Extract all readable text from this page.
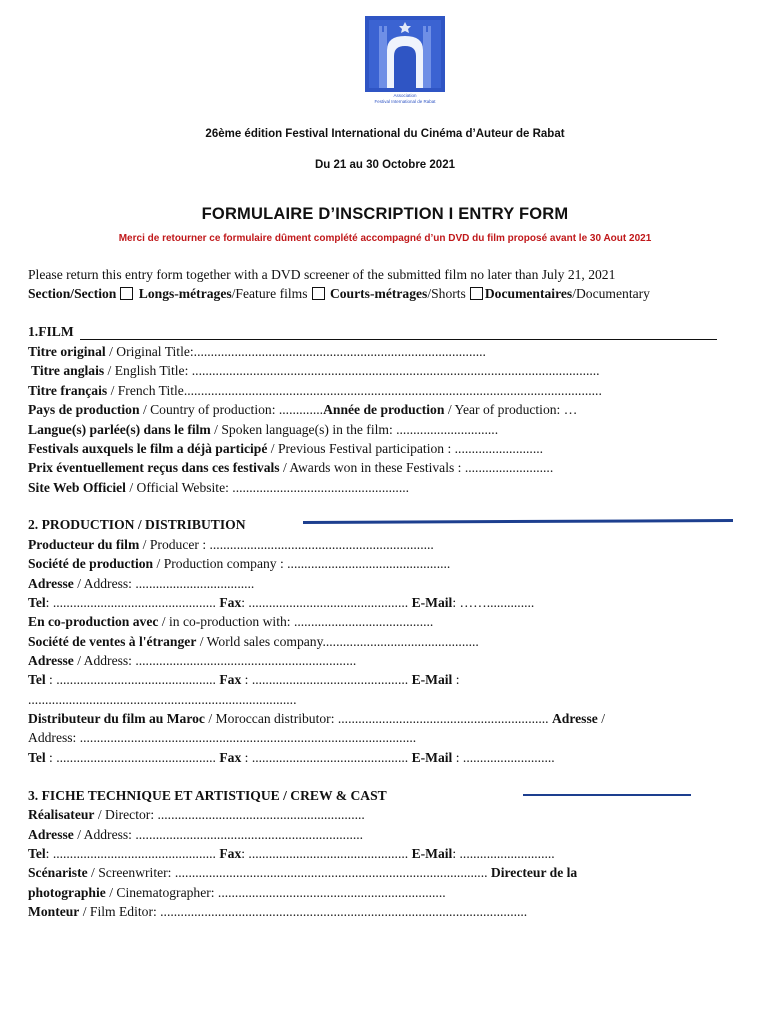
Association
Festival International de Rabat
26ème édition Festival International du Cinéma d’Auteur de Rabat
Du 21 au 30 Octobre 2021
FORMULAIRE D’INSCRIPTION I ENTRY FORM
Merci de retourner ce formulaire dûment complété accompagné d’un DVD du film proposé avant le 30 Aout 2021
Please return this entry form together with a DVD screener of the submitted film no later than July 21, 2021
Section/Section Longs-métrages/Feature films Courts-métrages/Shorts Documentaires/Documentary
1.FILM
Titre original / Original Title:......................................................................................
Titre anglais / English Title: ........................................................................................................................
Titre français / French Title...........................................................................................................................
Pays de production / Country of production: .............Année de production / Year of production: …
Langue(s) parlée(s) dans le film / Spoken language(s) in the film: ..............................
Festivals auxquels le film a déjà participé / Previous Festival participation : ..........................
Prix éventuellement reçus dans ces festivals / Awards won in these Festivals : ..........................
Site Web Officiel / Official Website: ....................................................
2. PRODUCTION / DISTRIBUTION
Producteur du film / Producer : ..................................................................
Société de production / Production company : ................................................
Adresse / Address: ...................................
Tel: ................................................ Fax: ............................................... E-Mail: ……..............
En co-production avec / in co-production with: .........................................
Société de ventes à l'étranger / World sales company..............................................
Adresse / Address: .................................................................
Tel : ............................................... Fax : .............................................. E-Mail :
...............................................................................
Distributeur du film au Maroc / Moroccan distributor: .............................................................. Adresse /
Address: ...................................................................................................
Tel : ............................................... Fax : .............................................. E-Mail : ...........................
3. FICHE TECHNIQUE ET ARTISTIQUE / CREW & CAST
Réalisateur / Director: .............................................................
Adresse / Address: ...................................................................
Tel: ................................................ Fax: ............................................... E-Mail: ............................
Scénariste / Screenwriter: ............................................................................................ Directeur de la
photographie / Cinematographer: ...................................................................
Monteur / Film Editor: ............................................................................................................
